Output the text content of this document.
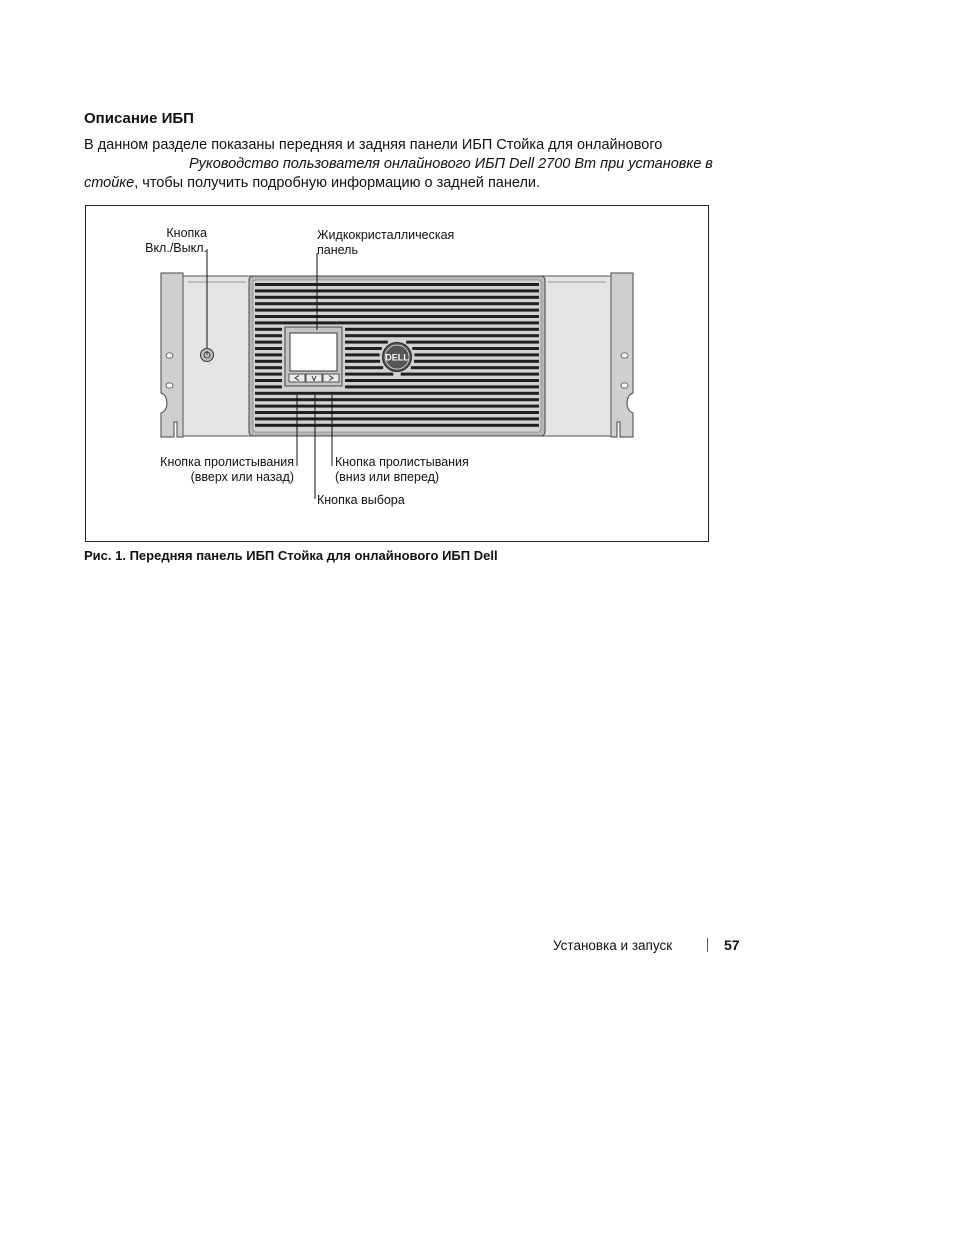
Описание ИБП

В данном разделе показаны передняя и задняя панели ИБП Стойка для онлайнового
Руководство пользователя онлайнового ИБП Dell 2700 Вт при установке в
стойке, чтобы получить подробную информацию о задней панели.

DELL
Кнопка
Вкл./Выкл.
Жидкокристаллическая
панель
Кнопка пролистывания
(вверх или назад)
Кнопка пролистывания
(вниз или вперед)
Кнопка выбора

Рис. 1. Передняя панель ИБП Стойка для онлайнового ИБП Dell

Установка и запуск	57
